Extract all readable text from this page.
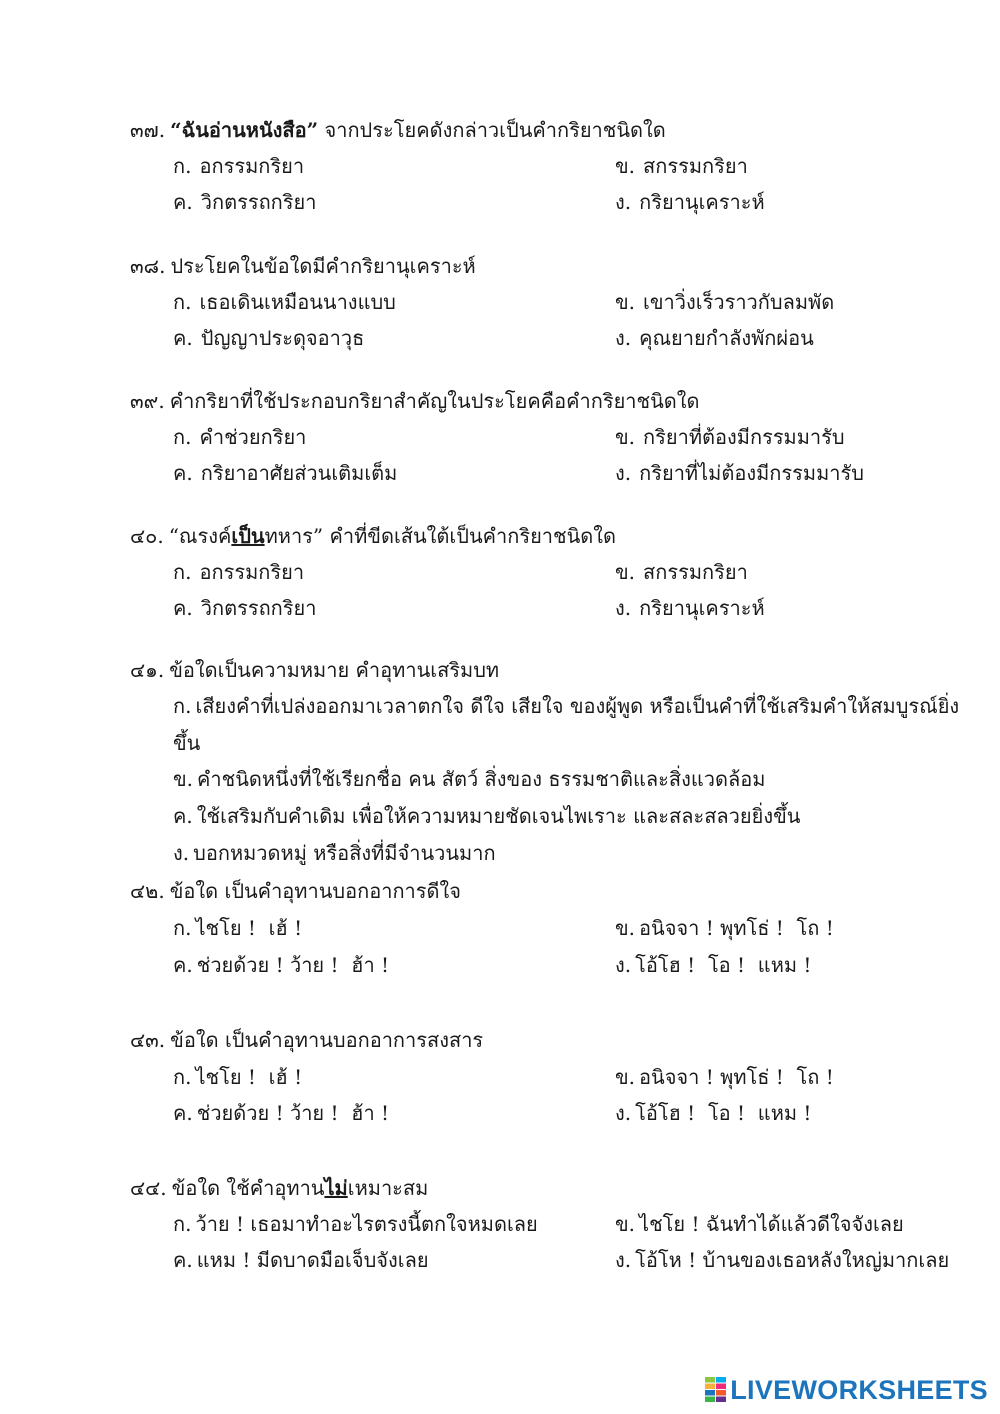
๓๗. “ฉันอ่านหนังสือ” จากประโยคดังกล่าวเป็นคำกริยาชนิดใด
ก. อกรรมกริยา	ข. สกรรมกริยา
ค. วิกตรรถกริยา	ง. กริยานุเคราะห์
๓๘. ประโยคในข้อใดมีคำกริยานุเคราะห์
ก. เธอเดินเหมือนนางแบบ	ข. เขาวิ่งเร็วราวกับลมพัด
ค. ปัญญาประดุจอาวุธ	ง. คุณยายกำลังพักผ่อน
๓๙. คำกริยาที่ใช้ประกอบกริยาสำคัญในประโยคคือคำกริยาชนิดใด
ก. คำช่วยกริยา	ข. กริยาที่ต้องมีกรรมมารับ
ค. กริยาอาศัยส่วนเติมเต็ม	ง. กริยาที่ไม่ต้องมีกรรมมารับ
๔๐. “ณรงค์เป็นทหาร” คำที่ขีดเส้นใต้เป็นคำกริยาชนิดใด
ก. อกรรมกริยา	ข. สกรรมกริยา
ค. วิกตรรถกริยา	ง. กริยานุเคราะห์
๔๑. ข้อใดเป็นความหมาย คำอุทานเสริมบท
ก. เสียงคำที่เปล่งออกมาเวลาตกใจ ดีใจ เสียใจ ของผู้พูด หรือเป็นคำที่ใช้เสริมคำให้สมบูรณ์ยิ่งขึ้น
ข. คำชนิดหนึ่งที่ใช้เรียกชื่อ คน สัตว์ สิ่งของ ธรรมชาติและสิ่งแวดล้อม
ค. ใช้เสริมกับคำเดิม เพื่อให้ความหมายชัดเจนไพเราะ และสละสลวยยิ่งขึ้น
ง. บอกหมวดหมู่ หรือสิ่งที่มีจำนวนมาก
๔๒. ข้อใด เป็นคำอุทานบอกอาการดีใจ
ก. ไชโย !  เฮ้ !	ข. อนิจจา ! พุทโธ่ !  โถ !
ค. ช่วยด้วย ! ว้าย !  ฮ้า !	ง. โอ้โฮ !  โอ !  แหม !
๔๓. ข้อใด เป็นคำอุทานบอกอาการสงสาร
ก. ไชโย !  เฮ้ !	ข. อนิจจา ! พุทโธ่ !  โถ !
ค. ช่วยด้วย ! ว้าย !  ฮ้า !	ง. โอ้โฮ !  โอ !  แหม !
๔๔. ข้อใด ใช้คำอุทานไม่เหมาะสม
ก. ว้าย ! เธอมาทำอะไรตรงนี้ตกใจหมดเลย	ข. ไชโย ! ฉันทำได้แล้วดีใจจังเลย
ค. แหม ! มีดบาดมือเจ็บจังเลย	ง. โอ้โห ! บ้านของเธอหลังใหญ่มากเลย
LIVEWORKSHEETS
